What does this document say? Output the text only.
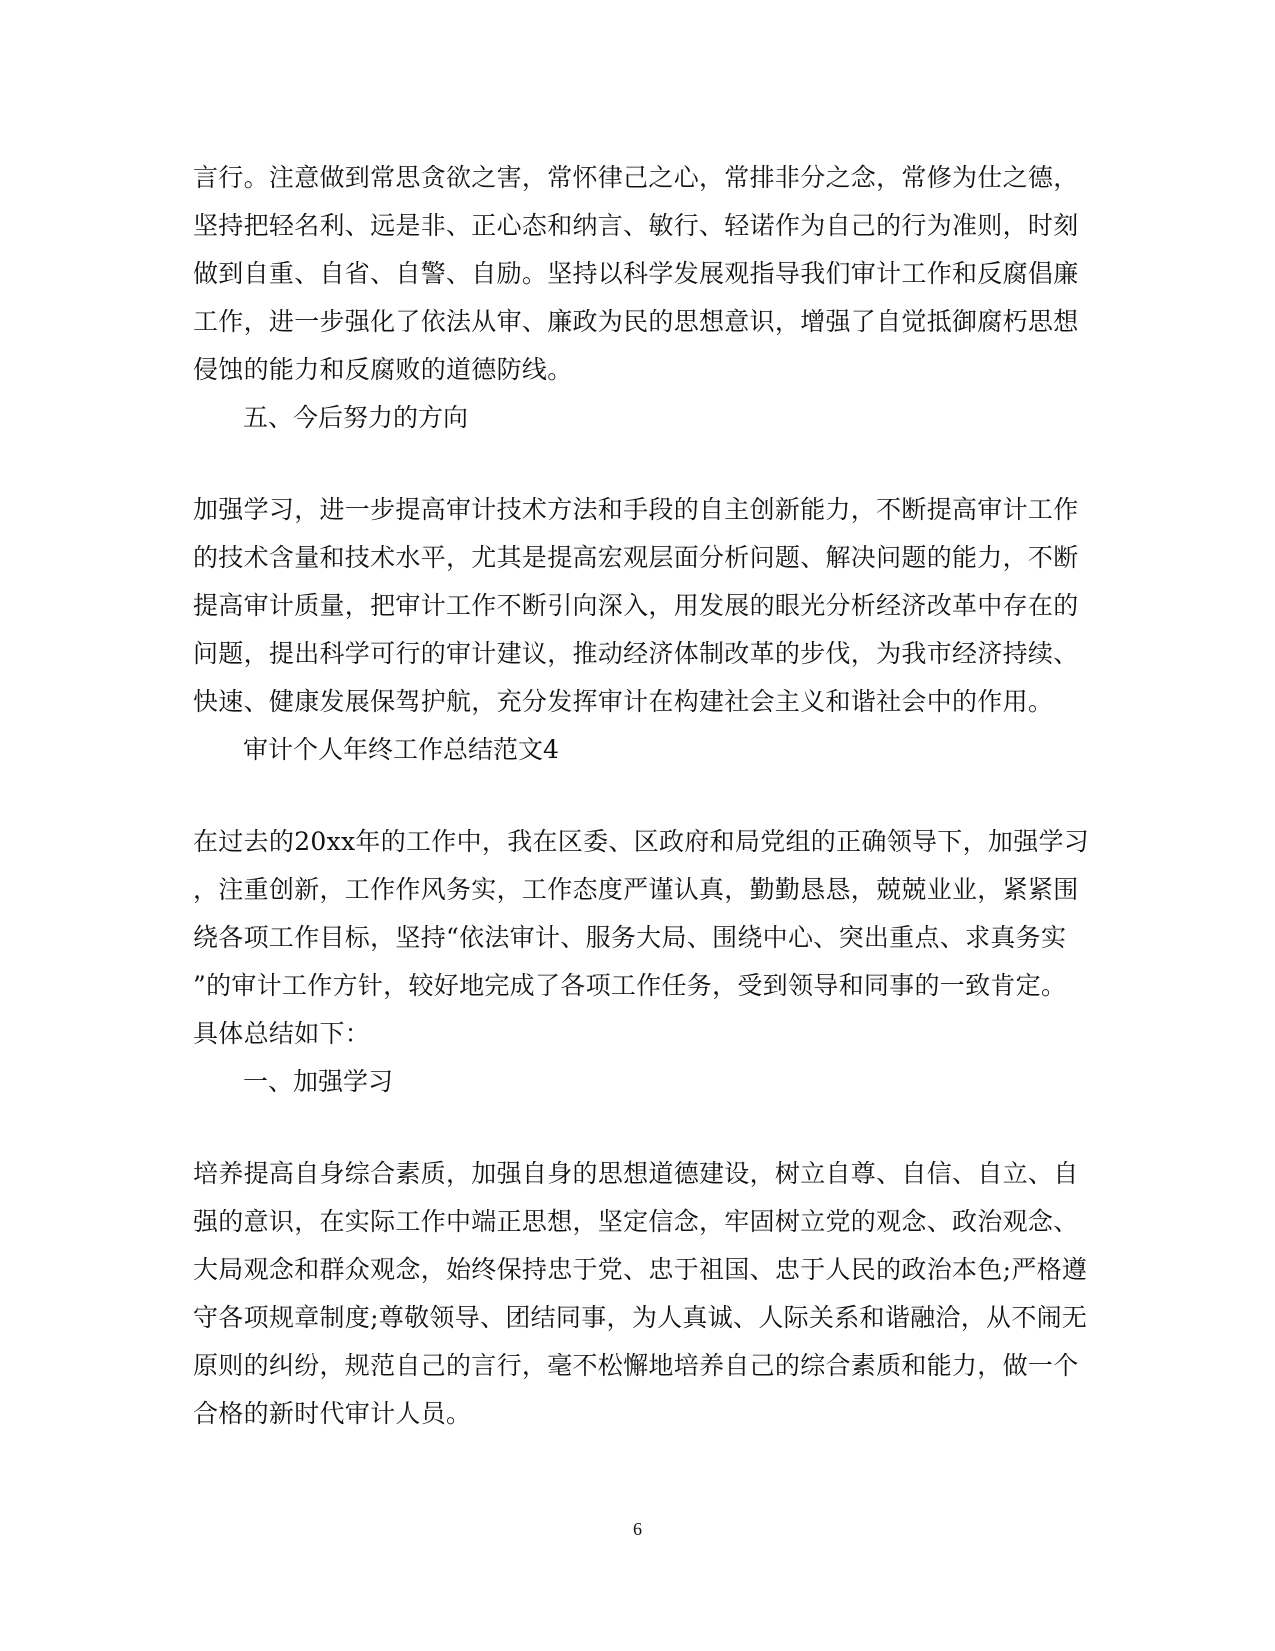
言行。注意做到常思贪欲之害，常怀律己之心，常排非分之念，常修为仕之德，
坚持把轻名利、远是非、正心态和纳言、敏行、轻诺作为自己的行为准则，时刻
做到自重、自省、自警、自励。坚持以科学发展观指导我们审计工作和反腐倡廉
工作，进一步强化了依法从审、廉政为民的思想意识，增强了自觉抵御腐朽思想
侵蚀的能力和反腐败的道德防线。
五、今后努力的方向
加强学习，进一步提高审计技术方法和手段的自主创新能力，不断提高审计工作
的技术含量和技术水平，尤其是提高宏观层面分析问题、解决问题的能力，不断
提高审计质量，把审计工作不断引向深入，用发展的眼光分析经济改革中存在的
问题，提出科学可行的审计建议，推动经济体制改革的步伐，为我市经济持续、
快速、健康发展保驾护航，充分发挥审计在构建社会主义和谐社会中的作用。
审计个人年终工作总结范文4
在过去的20xx年的工作中，我在区委、区政府和局党组的正确领导下，加强学习
，注重创新，工作作风务实，工作态度严谨认真，勤勤恳恳，兢兢业业，紧紧围
绕各项工作目标，坚持“依法审计、服务大局、围绕中心、突出重点、求真务实
”的审计工作方针，较好地完成了各项工作任务，受到领导和同事的一致肯定。
具体总结如下：
一、加强学习
培养提高自身综合素质，加强自身的思想道德建设，树立自尊、自信、自立、自
强的意识，在实际工作中端正思想，坚定信念，牢固树立党的观念、政治观念、
大局观念和群众观念，始终保持忠于党、忠于祖国、忠于人民的政治本色;严格遵
守各项规章制度;尊敬领导、团结同事，为人真诚、人际关系和谐融洽，从不闹无
原则的纠纷，规范自己的言行，毫不松懈地培养自己的综合素质和能力，做一个
合格的新时代审计人员。
6
